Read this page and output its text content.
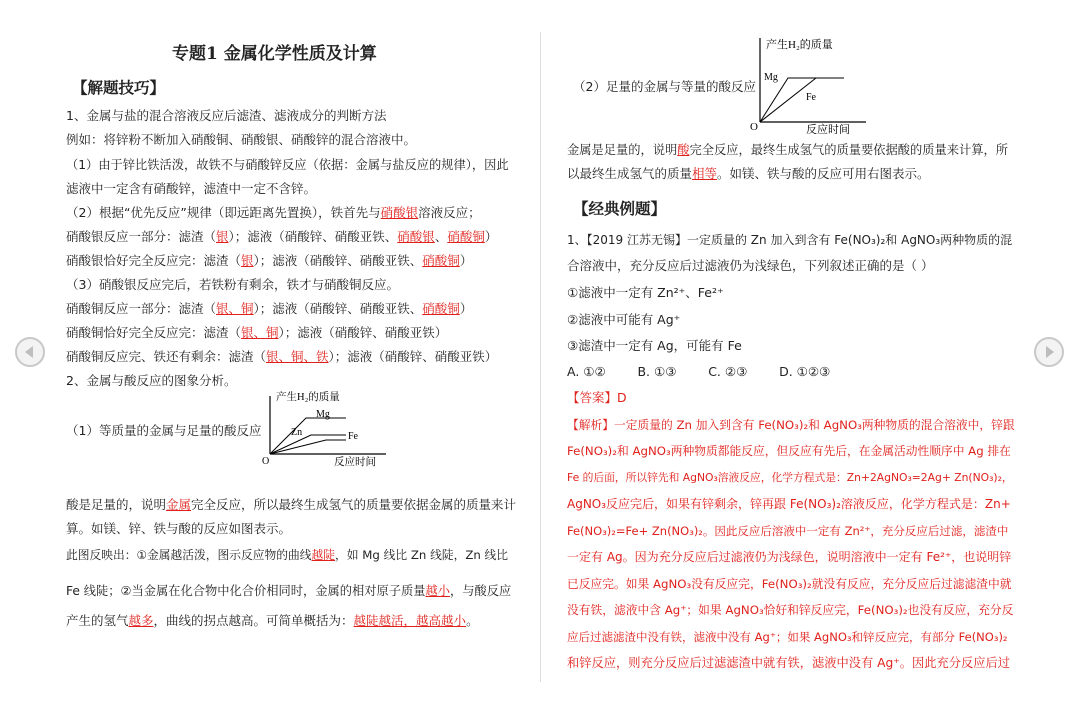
专题1 金属化学性质及计算
【解题技巧】
1、金属与盐的混合溶液反应后滤渣、滤液成分的判断方法
例如：将锌粉不断加入硝酸铜、硝酸银、硝酸锌的混合溶液中。
（1）由于锌比铁活泼，故铁不与硝酸锌反应（依据：金属与盐反应的规律），因此
滤液中一定含有硝酸锌，滤渣中一定不含锌。
（2）根据“优先反应”规律（即远距离先置换），铁首先与硝酸银溶液反应；
硝酸银反应一部分：滤渣（银）；滤液（硝酸锌、硝酸亚铁、硝酸银、硝酸铜）
硝酸银恰好完全反应完：滤渣（银）；滤液（硝酸锌、硝酸亚铁、硝酸铜）
（3）硝酸银反应完后，若铁粉有剩余，铁才与硝酸铜反应。
硝酸铜反应一部分：滤渣（银、铜）；滤液（硝酸锌、硝酸亚铁、硝酸铜）
硝酸铜恰好完全反应完：滤渣（银、铜）；滤液（硝酸锌、硝酸亚铁）
硝酸铜反应完、铁还有剩余：滤渣（银、铜、铁）；滤液（硝酸锌、硝酸亚铁）
2、金属与酸反应的图象分析。
（1）等质量的金属与足量的酸反应
产生H₂的质量
Mg
Zn	Fe
O	反应时间
酸是足量的，说明金属完全反应，所以最终生成氢气的质量要依据金属的质量来计
算。如镁、锌、铁与酸的反应如图表示。
此图反映出：①金属越活泼，图示反应物的曲线越陡，如 Mg 线比 Zn 线陡，Zn 线比
Fe 线陡；②当金属在化合物中化合价相同时，金属的相对原子质量越小，与酸反应
产生的氢气越多，曲线的拐点越高。可简单概括为：越陡越活，越高越小。
（2）足量的金属与等量的酸反应
产生H₂的质量
Mg
Fe
O	反应时间
金属是足量的，说明酸完全反应，最终生成氢气的质量要依据酸的质量来计算，所
以最终生成氢气的质量相等。如镁、铁与酸的反应可用右图表示。
【经典例题】
1、【2019 江苏无锡】一定质量的 Zn 加入到含有 Fe(NO₃)₂和 AgNO₃两种物质的混
合溶液中，充分反应后过滤液仍为浅绿色，下列叙述正确的是（ ）
①滤液中一定有 Zn²⁺、Fe²⁺
②滤液中可能有 Ag⁺
③滤渣中一定有 Ag，可能有 Fe
A. ①②        B. ①③        C. ②③        D. ①②③
【答案】D
【解析】一定质量的 Zn 加入到含有 Fe(NO₃)₂和 AgNO₃两种物质的混合溶液中，锌跟
Fe(NO₃)₂和 AgNO₃两种物质都能反应，但反应有先后，在金属活动性顺序中 Ag 排在
Fe 的后面，所以锌先和 AgNO₃溶液反应，化学方程式是：Zn+2AgNO₃=2Ag+ Zn(NO₃)₂，
AgNO₃反应完后，如果有锌剩余，锌再跟 Fe(NO₃)₂溶液反应，化学方程式是：Zn+
Fe(NO₃)₂=Fe+ Zn(NO₃)₂。因此反应后溶液中一定有 Zn²⁺，充分反应后过滤，滤渣中
一定有 Ag。因为充分反应后过滤液仍为浅绿色，说明溶液中一定有 Fe²⁺，也说明锌
已反应完。如果 AgNO₃没有反应完，Fe(NO₃)₂就没有反应，充分反应后过滤滤渣中就
没有铁，滤液中含 Ag⁺；如果 AgNO₃恰好和锌反应完，Fe(NO₃)₂也没有反应，充分反
应后过滤滤渣中没有铁，滤液中没有 Ag⁺；如果 AgNO₃和锌反应完，有部分 Fe(NO₃)₂
和锌反应，则充分反应后过滤滤渣中就有铁，滤液中没有 Ag⁺。因此充分反应后过
